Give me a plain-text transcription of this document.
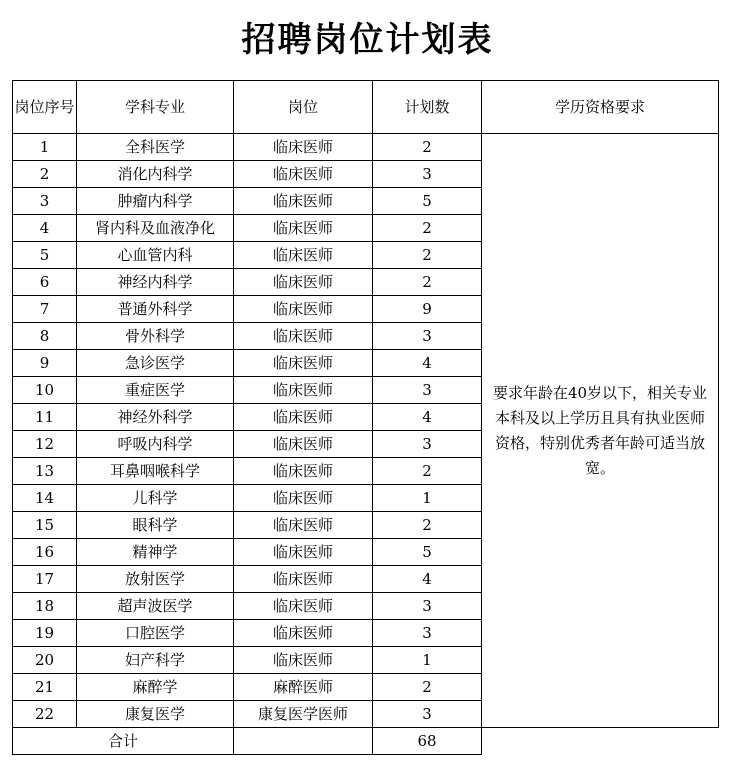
招聘岗位计划表
岗位序号	学科专业	岗位	计划数	学历资格要求
1	全科医学	临床医师	2	要求年龄在40岁以下，相关专业本科及以上学历且具有执业医师资格，特别优秀者年龄可适当放宽。
2	消化内科学	临床医师	3	
3	肿瘤内科学	临床医师	5	
4	肾内科及血液净化	临床医师	2	
5	心血管内科	临床医师	2	
6	神经内科学	临床医师	2	
7	普通外科学	临床医师	9	
8	骨外科学	临床医师	3	
9	急诊医学	临床医师	4	
10	重症医学	临床医师	3	
11	神经外科学	临床医师	4	
12	呼吸内科学	临床医师	3	
13	耳鼻咽喉科学	临床医师	2	
14	儿科学	临床医师	1	
15	眼科学	临床医师	2	
16	精神学	临床医师	5	
17	放射医学	临床医师	4	
18	超声波医学	临床医师	3	
19	口腔医学	临床医师	3	
20	妇产科学	临床医师	1	
21	麻醉学	麻醉医师	2	
22	康复医学	康复医学医师	3	
合计			68	
